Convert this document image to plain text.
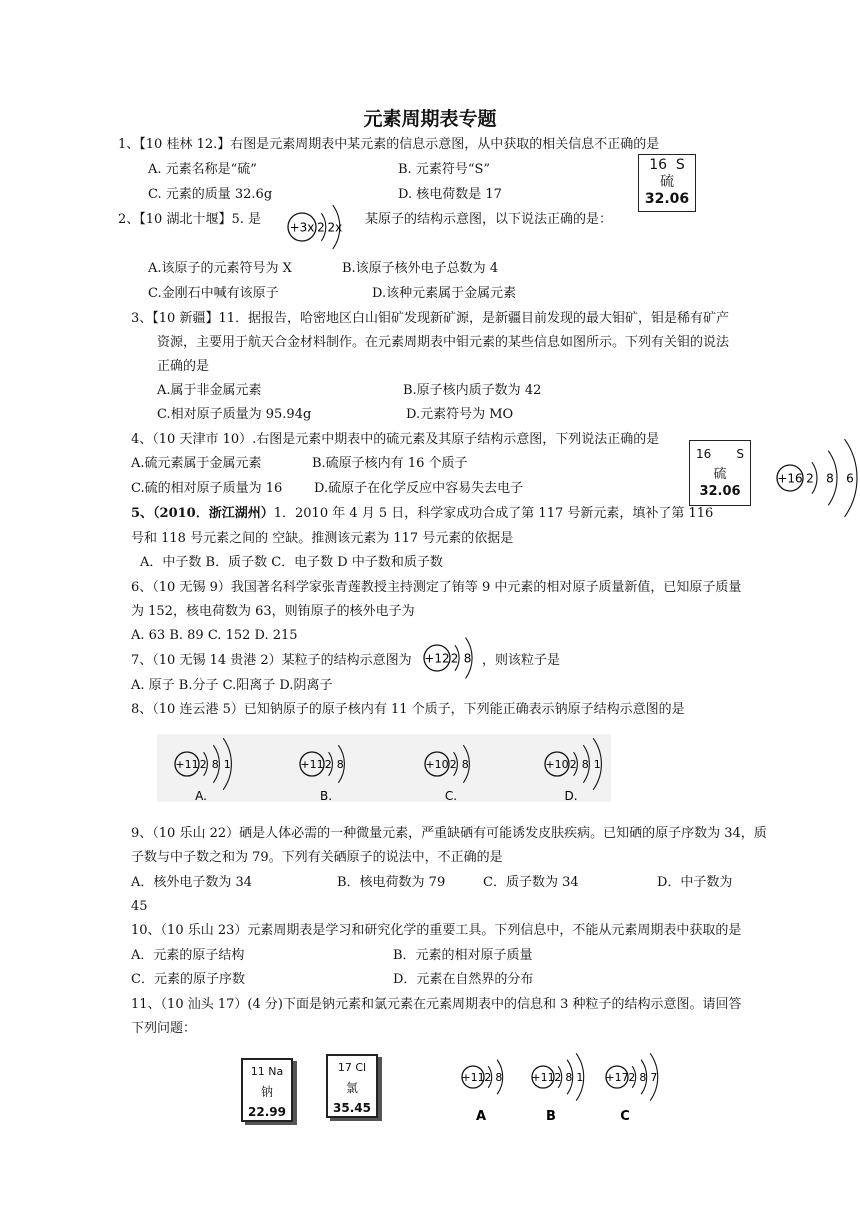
元素周期表专题
1、【10 桂林 12.】右图是元素周期表中某元素的信息示意图，从中获取的相关信息不正确的是
A. 元素名称是“硫”	B. 元素符号“S”
C. 元素的质量 32.6g	D. 核电荷数是 17
2、【10 湖北十堰】5. 是	某原子的结构示意图，以下说法正确的是：
A.该原子的元素符号为 X	B.该原子核外电子总数为 4
C.金刚石中喊有该原子	D.该种元素属于金属元素
3、【10 新疆】11．据报告，哈密地区白山钼矿发现新矿源，是新疆目前发现的最大钼矿，钼是稀有矿产
资源，主要用于航天合金材料制作。在元素周期表中钼元素的某些信息如图所示。下列有关钼的说法
正确的是
A.属于非金属元素	B.原子核内质子数为 42
C.相对原子质量为 95.94g	D.元素符号为 MO
4、（10 天津市 10）.右图是元素中期表中的硫元素及其原子结构示意图，下列说法正确的是
A.硫元素属于金属元素	B.硫原子核内有 16 个质子
C.硫的相对原子质量为 16 D.硫原子在化学反应中容易失去电子
号和 118 号元素之间的 空缺。推测该元素为 117 号元素的依据是
A．中子数 B．质子数 C．电子数 D 中子数和质子数
6、（10 无锡 9）我国著名科学家张青莲教授主持测定了铕等 9 中元素的相对原子质量新值，已知原子质量
为 152，核电荷数为 63，则铕原子的核外电子为
A. 63 B. 89 C. 152 D. 215
7、（10 无锡 14 贵港 2）某粒子的结构示意图为	，则该粒子是
A. 原子 B.分子 C.阳离子 D.阴离子
8、（10 连云港 5）已知钠原子的原子核内有 11 个质子，下列能正确表示钠原子结构示意图的是
9、（10 乐山 22）硒是人体必需的一种微量元素，严重缺硒有可能诱发皮肤疾病。已知硒的原子序数为 34，质
子数与中子数之和为 79。下列有关硒原子的说法中，不正确的是
A．核外电子数为 34	B．核电荷数为 79	C．质子数为 34	D．中子数为
45
10、（10 乐山 23）元素周期表是学习和研究化学的重要工具。下列信息中，不能从元素周期表中获取的是
A．元素的原子结构	B．元素的相对原子质量
C．元素的原子序数	D．元素在自然界的分布
11、（10 汕头 17）(4 分)下面是钠元素和氯元素在元素周期表中的信息和 3 种粒子的结构示意图。请回答
下列问题：
5、（2010．浙江湖州）1．2010 年 4 月 5 日，科学家成功合成了第 117 号新元素，填补了第 116
16 S
硫
32.06
16 S
硫
32.06
11 Na
钠
22.99
17 Cl
氯
35.45
+3x 2 2x
+16 2 8 6
+12 2 8
+11 2 8 1
A.
+11 2 8
B.
+10 2 8
C.
+10 2 8 1
D.
+11 2 8
A
+11 2 8 1
B
+17 2 8 7
C
